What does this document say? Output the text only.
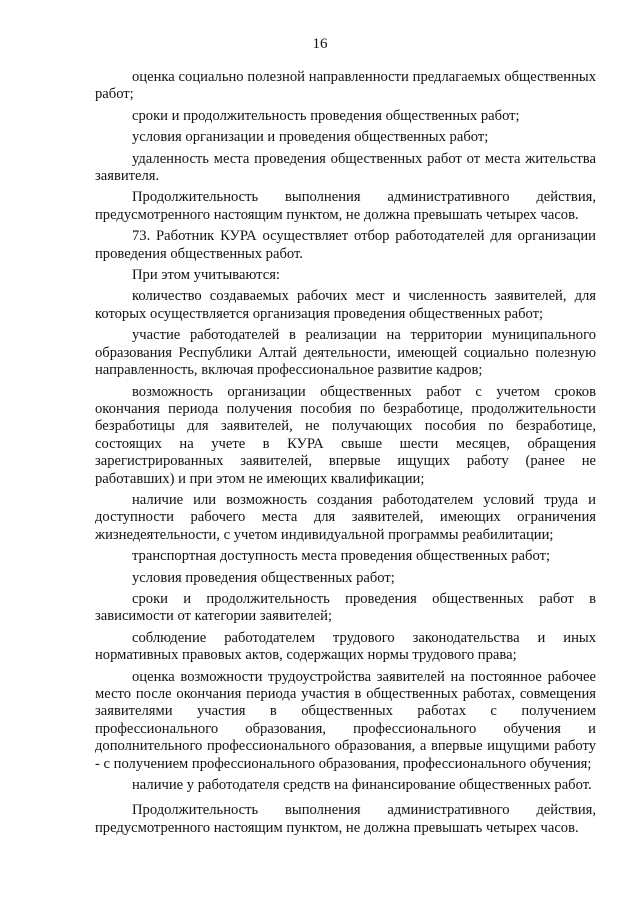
16

оценка социально полезной направленности предлагаемых общественных работ;

сроки и продолжительность проведения общественных работ;

условия организации и проведения общественных работ;

удаленность места проведения общественных работ от места жительства заявителя.

Продолжительность выполнения административного действия, предусмотренного настоящим пунктом, не должна превышать четырех часов.

73. Работник КУРА осуществляет отбор работодателей для организации проведения общественных работ.

При этом учитываются:

количество создаваемых рабочих мест и численность заявителей, для которых осуществляется организация проведения общественных работ;

участие работодателей в реализации на территории муниципального образования Республики Алтай деятельности, имеющей социально полезную направленность, включая профессиональное развитие кадров;

возможность организации общественных работ с учетом сроков окончания периода получения пособия по безработице, продолжительности безработицы для заявителей, не получающих пособия по безработице, состоящих на учете в КУРА свыше шести месяцев, обращения зарегистрированных заявителей, впервые ищущих работу (ранее не работавших) и при этом не имеющих квалификации;

наличие или возможность создания работодателем условий труда и доступности рабочего места для заявителей, имеющих ограничения жизнедеятельности, с учетом индивидуальной программы реабилитации;

транспортная доступность места проведения общественных работ;

условия проведения общественных работ;

сроки и продолжительность проведения общественных работ в зависимости от категории заявителей;

соблюдение работодателем трудового законодательства и иных нормативных правовых актов, содержащих нормы трудового права;

оценка возможности трудоустройства заявителей на постоянное рабочее место после окончания периода участия в общественных работах, совмещения заявителями участия в общественных работах с получением профессионального образования, профессионального обучения и дополнительного профессионального образования, а впервые ищущими работу - с получением профессионального образования, профессионального обучения;

наличие у работодателя средств на финансирование общественных работ.

Продолжительность выполнения административного действия, предусмотренного настоящим пунктом, не должна превышать четырех часов.
